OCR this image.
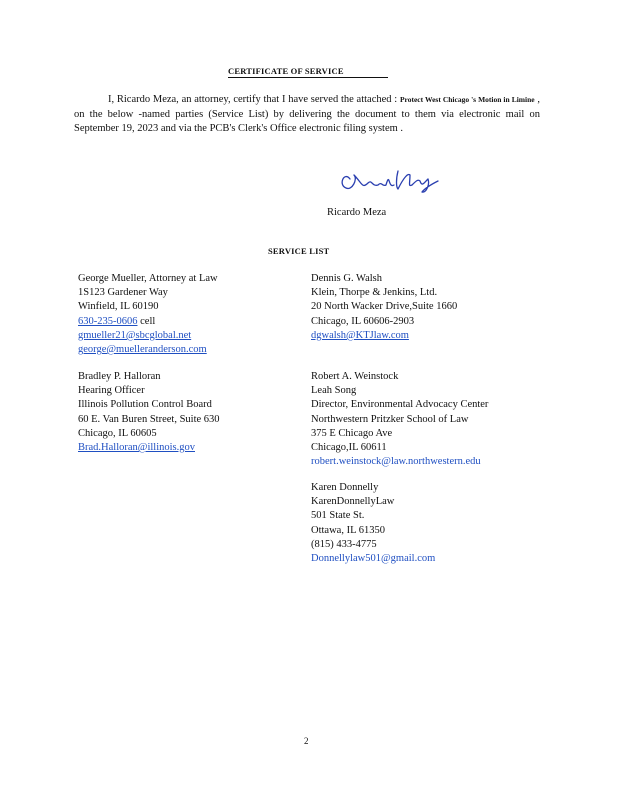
CERTIFICATE OF SERVICE
I, Ricardo Meza, an attorney, certify that I have served the attached : Protect West Chicago 's Motion in Limine , on the below -named parties (Service List) by delivering the document to them via electronic mail on September 19, 2023 and via the PCB's Clerk's Office electronic filing system .
Ricardo Meza
SERVICE LIST
George Mueller, Attorney at Law
1S123 Gardener Way
Winfield, IL 60190
630-235-0606 cell
gmueller21@sbcglobal.net
george@muelleranderson.com
Dennis G. Walsh
Klein, Thorpe & Jenkins, Ltd.
20 North Wacker Drive,Suite 1660
Chicago, IL 60606-2903
dgwalsh@KTJlaw.com
Bradley P. Halloran
Hearing Officer
Illinois Pollution Control Board
60 E. Van Buren Street, Suite 630
Chicago, IL 60605
Brad.Halloran@illinois.gov
Robert A. Weinstock
Leah Song
Director, Environmental Advocacy Center
Northwestern Pritzker School of Law
375 E Chicago Ave
Chicago,IL 60611
robert.weinstock@law.northwestern.edu
Karen Donnelly
KarenDonnellyLaw
501 State St.
Ottawa, IL 61350
(815) 433-4775
Donnellylaw501@gmail.com
2
